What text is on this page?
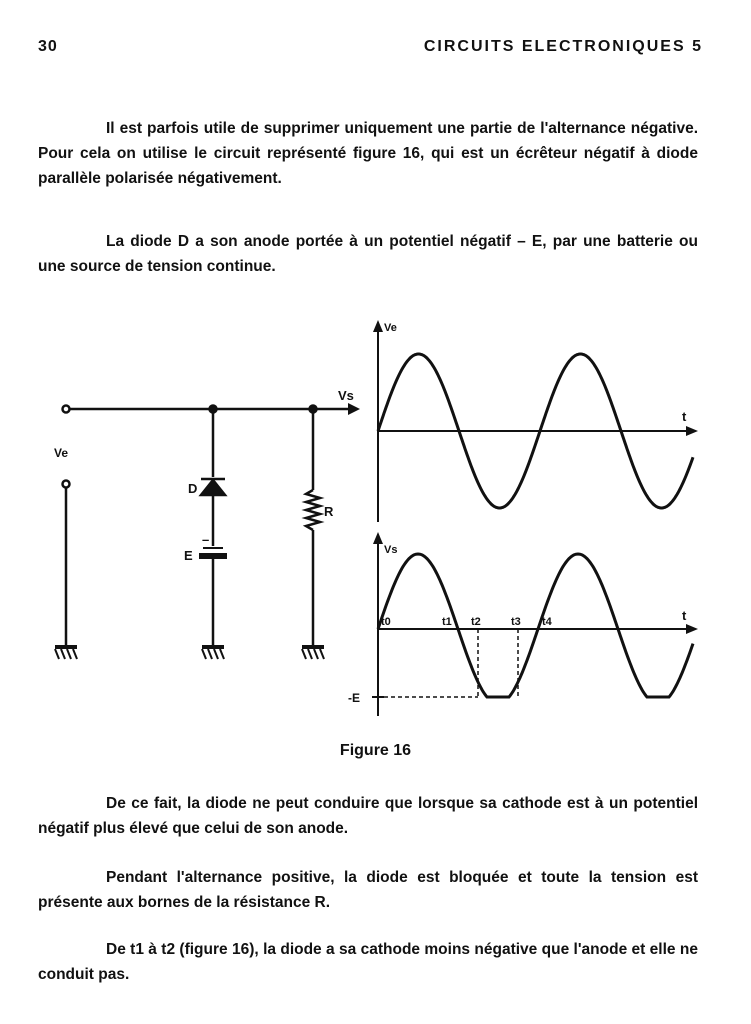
30	CIRCUITS ELECTRONIQUES 5

Il est parfois utile de supprimer uniquement une partie de l'alternance négative. Pour cela on utilise le circuit représenté figure 16, qui est un écrêteur négatif à diode parallèle polarisée négativement.

La diode D a son anode portée à un potentiel négatif – E, par une batterie ou une source de tension continue.

Ve
Vs
D
–
E
R
Ve
t
Vs
t
-E
t0	t1 t2	t3 t4
Figure 16

De ce fait, la diode ne peut conduire que lorsque sa cathode est à un potentiel négatif plus élevé que celui de son anode.

Pendant l'alternance positive, la diode est bloquée et toute la tension est présente aux bornes de la résistance R.

De t1 à t2 (figure 16), la diode a sa cathode moins négative que l'anode et elle ne conduit pas.
